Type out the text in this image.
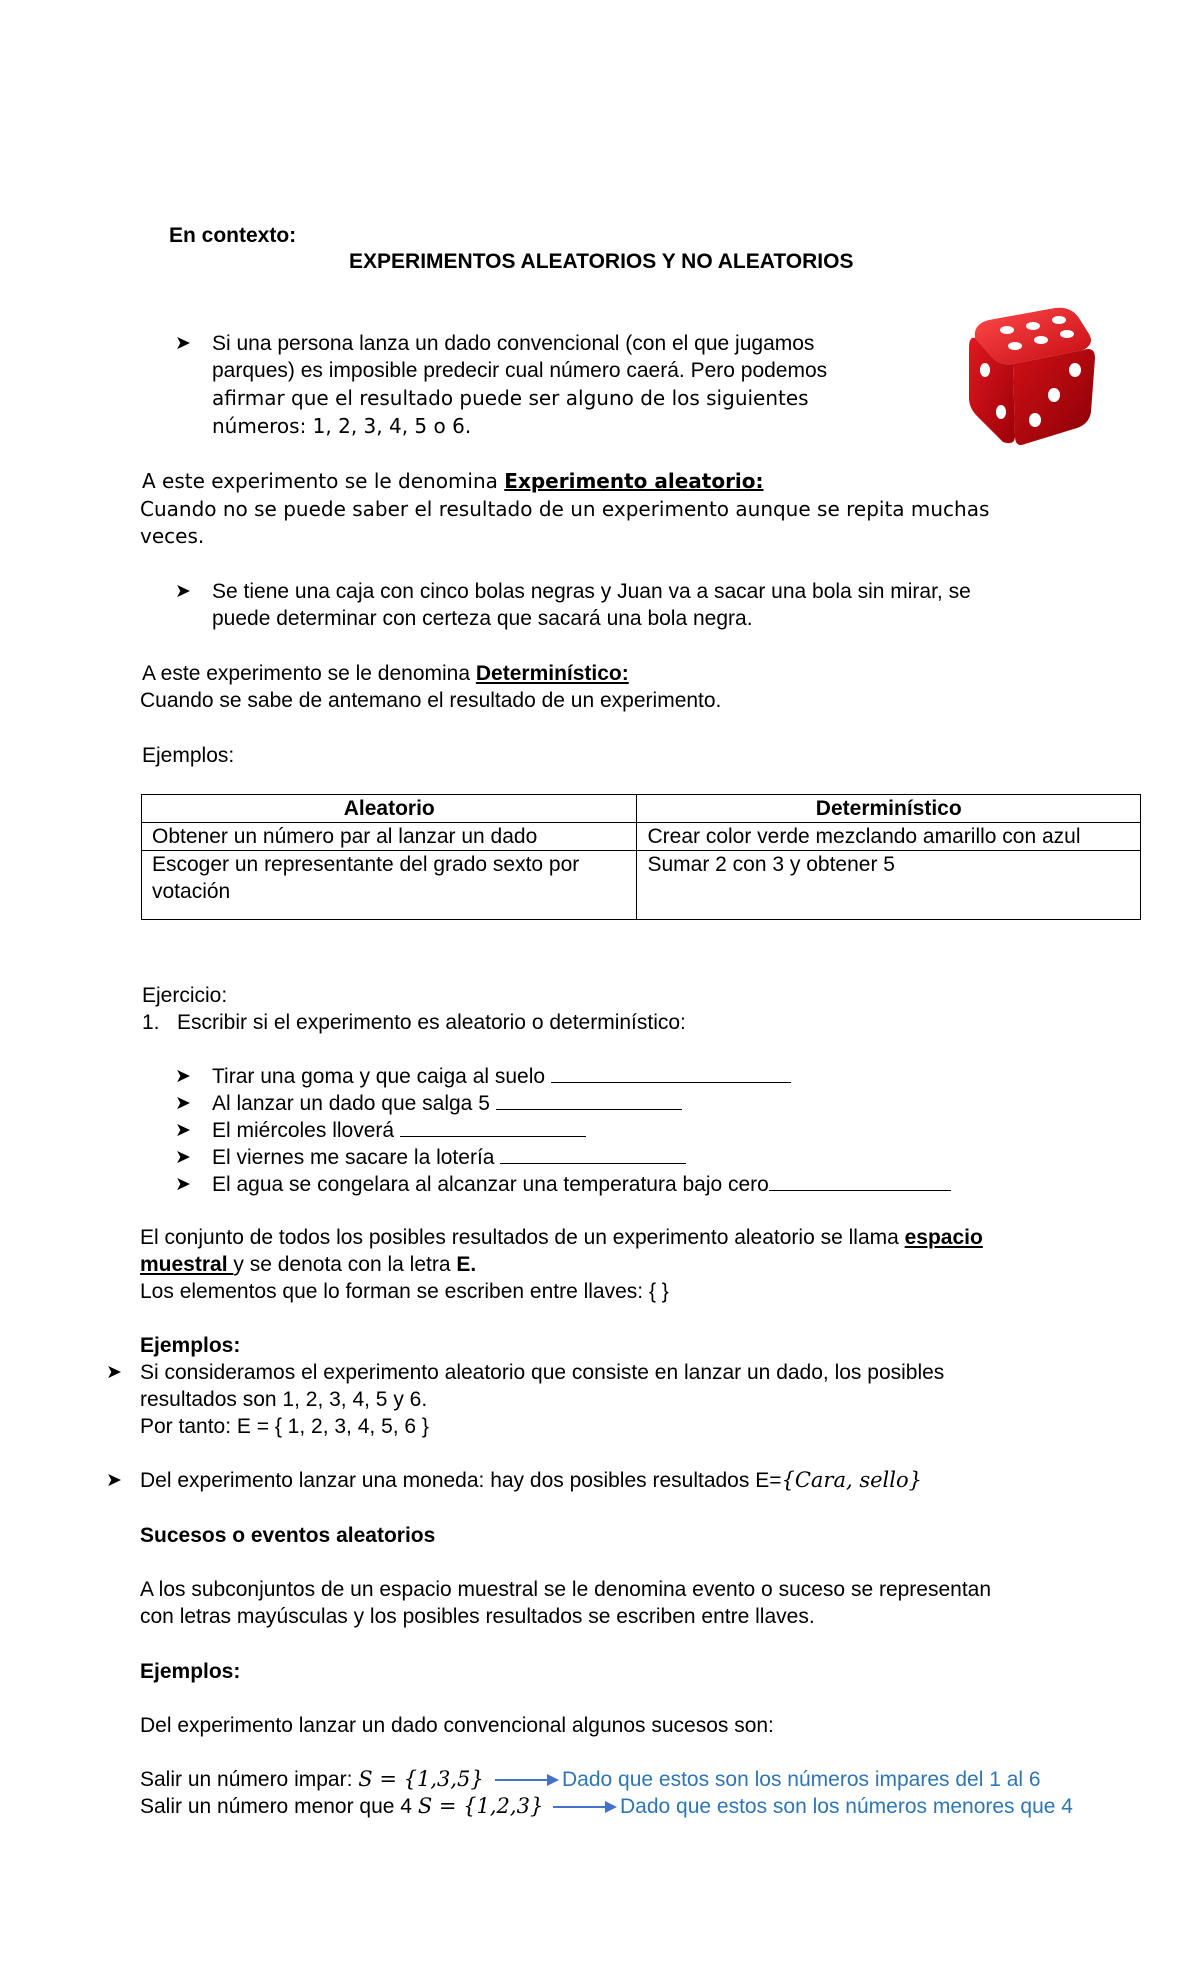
En contexto:
EXPERIMENTOS ALEATORIOS Y NO ALEATORIOS
➤ Si una persona lanza un dado convencional (con el que jugamos
parques) es imposible predecir cual número caerá. Pero podemos
afirmar que el resultado puede ser alguno de los siguientes
números: 1, 2, 3, 4, 5 o 6.
A este experimento se le denomina Experimento aleatorio:
Cuando no se puede saber el resultado de un experimento aunque se repita muchas
veces.
➤ Se tiene una caja con cinco bolas negras y Juan va a sacar una bola sin mirar, se
puede determinar con certeza que sacará una bola negra.
A este experimento se le denomina Determinístico:
Cuando se sabe de antemano el resultado de un experimento.
Ejemplos:
Aleatorio	Determinístico
Obtener un número par al lanzar un dado	Crear color verde mezclando amarillo con azul
Escoger un representante del grado sexto por votación	Sumar 2 con 3 y obtener 5
Ejercicio:
1. Escribir si el experimento es aleatorio o determinístico:
➤ Tirar una goma y que caiga al suelo
➤ Al lanzar un dado que salga 5
➤ El miércoles lloverá
➤ El viernes me sacare la lotería
➤ El agua se congelara al alcanzar una temperatura bajo cero
El conjunto de todos los posibles resultados de un experimento aleatorio se llama espacio
muestral y se denota con la letra E.
Los elementos que lo forman se escriben entre llaves: { }
Ejemplos:
➤ Si consideramos el experimento aleatorio que consiste en lanzar un dado, los posibles
resultados son 1, 2, 3, 4, 5 y 6.
Por tanto: E = { 1, 2, 3, 4, 5, 6 }
➤ Del experimento lanzar una moneda: hay dos posibles resultados E={Cara, sello}
Sucesos o eventos aleatorios
A los subconjuntos de un espacio muestral se le denomina evento o suceso se representan
con letras mayúsculas y los posibles resultados se escriben entre llaves.
Ejemplos:
Del experimento lanzar un dado convencional algunos sucesos son:
Salir un número impar: S = {1,3,5}	Dado que estos son los números impares del 1 al 6
Salir un número menor que 4 S = {1,2,3}	Dado que estos son los números menores que 4
